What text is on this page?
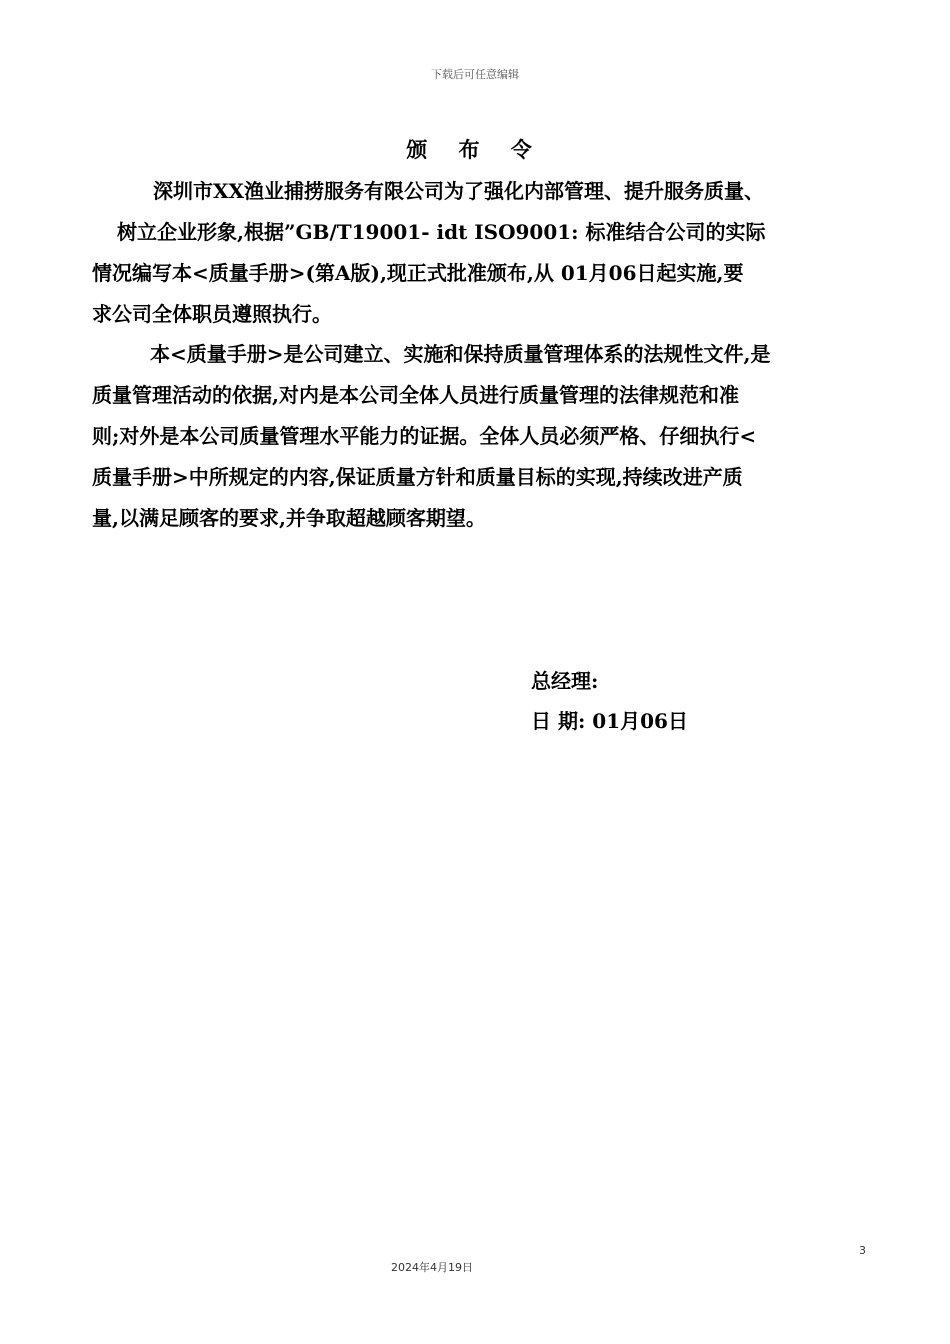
下载后可任意编辑
颁 布 令
深圳市XX渔业捕捞服务有限公司为了强化内部管理、提升服务质量、
树立企业形象,根据”GB/T19001- idt ISO9001: 标准结合公司的实际
情况编写本<质量手册>(第A版),现正式批准颁布,从 01月06日起实施,要
求公司全体职员遵照执行。
本<质量手册>是公司建立、实施和保持质量管理体系的法规性文件,是
质量管理活动的依据,对内是本公司全体人员进行质量管理的法律规范和准
则;对外是本公司质量管理水平能力的证据。全体人员必须严格、仔细执行<
质量手册>中所规定的内容,保证质量方针和质量目标的实现,持续改进产质
量,以满足顾客的要求,并争取超越顾客期望。
总经理:
日 期: 01月06日
3
2024年4月19日
